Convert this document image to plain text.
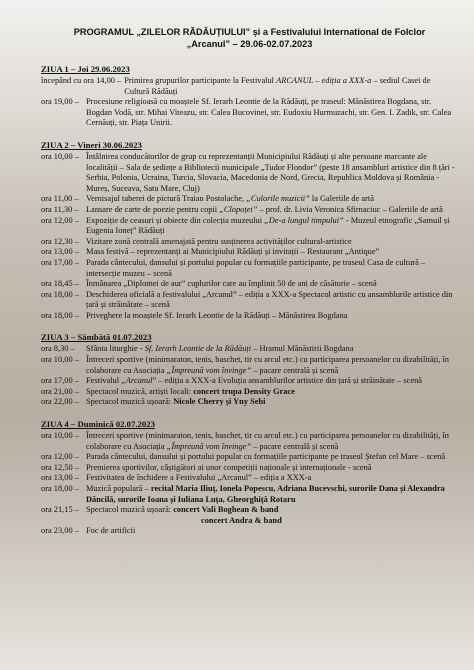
PROGRAMUL „ZILELOR RĂDĂUȚIULUI” și a Festivalului International de Folclor
„Arcanul” – 29.06-02.07.2023
ZIUA 1 – Joi 29.06.2023
începând cu ora 14,00 – Primirea grupurilor participante la Festivalul ARCANUL – ediția a XXX-a – sediul Casei de Cultură Rădăuți
ora 19,00 – Procesiune religioasă cu moaștele Sf. Ierarh Leontie de la Rădăuți, pe traseul: Mănăstirea Bogdana, str. Bogdan Vodă, str. Mihai Viteazu, str. Calea Bucovinei, str. Eudoxiu Hurmuzachi, str. Gen. I. Zadik, str. Calea Cernăuți, str. Piața Unirii.
ZIUA 2 – Vineri 30.06.2023
ora 10,00 – Întâlnirea conducătorilor de grup cu reprezentanții Municipiului Rădăuți și alte persoane marcante ale localității – Sala de ședințe a Bibliotecii municipale „Tudor Flondor” (peste 18 ansambluri artistice din 8 țări - Serbia, Polonia, Ucraina, Turcia, Slovacia, Macedonia de Nord, Grecia, Republica Moldova și România - Mureș, Suceava, Satu Mare, Cluj)
ora 11,00 – Vernisajul taberei de pictură Traian Postolache, „Culorile muzicii” la Galeriile de artă
ora 11,30 – Lansare de carte de poezie pentru copii „Clopoței” – prof. dr. Livia Veronica Sfirnaciuc – Galeriile de artă
ora 12,00 – Expoziție de ceasuri și obiecte din colecția muzeului „De-a lungul timpului” - Muzeul etnografic „Samuil și Eugenia Ioneț” Rădăuți
ora 12,30 – Vizitare zonă centrală amenajată pentru susținerea activităților cultural-artistice
ora 13,00 – Masa festivă – reprezentanți ai Municipiului Rădăuți și invitații – Restaurant „Antique”
ora 17,00 – Parada cântecului, dansului și portului popular cu formațiile participante, pe traseul Casa de cultură – intersecție muzeu – scenă
ora 18,45 – Înmânarea „Diplomei de aur” cuplurilor care au împlinit 50 de ani de căsătorie – scenă
ora 18,00 – Deschiderea oficială a festivalului „Arcanul” – ediția a XXX-a Spectacol artistic cu ansamblurile artistice din țară și străinătate – scenă
ora 18,00 – Priveghere la moaștele Sf. Ierarh Leontie de la Rădăuți – Mănăstirea Bogdana
ZIUA 3 – Sâmbătă 01.07.2023
ora 8,30 –	Sfânta liturghie - Sf. Ierarh Leontie de la Rădăuți – Hramul Mănăstirii Bogdana
ora 10,00 – Întreceri sportive (minimaraton, tenis, baschet, tir cu arcul etc.) cu participarea persoanelor cu dizabilități, în colaborare cu Asociația „Împreună vom învinge” – pacare centrală și scenă
ora 17,00 – Festivalul „Arcanul” – ediția a XXX-a Evoluția ansamblurilor artistice din țară și străinătate – scenă
ora 21,00 – Spectacol muzică, artiști locali: concert trupa Density Grace
ora 22,00 – Spectacol muzică ușoară: Nicole Cherry și Yny Sebi
ZIUA 4 – Duminică 02.07.2023
ora 10,00 – Întreceri sportive (minimaraton, tenis, baschet, tir cu arcul etc.) cu participarea persoanelor cu dizabilități, în colaborare cu Asociația „Împreună vom învinge” – pacare centrală și scenă
ora 12,00 – Parada cântecului, dansului și portului popular cu formațiile participante pe traseul Ștefan cel Mare – scenă
ora 12,50 – Premierea sportivilor, câștigători ai unor competiții naționale și internaționale - scenă
ora 13,00 – Festivitatea de închidere a Festivalului „Arcanul” – ediția a XXX-a
ora 18,00 – Muzică populară – recital Maria Iliuț, Ionela Popescu, Adriana Bucevschi, surorile Dana și Alexandra Dăncilă, surorile Ioana și Iuliana Luța, Gheorghiță Rotaru
ora 21,15 – Spectacol muzică ușoară: concert Vali Boghean & band
concert Andra & band
ora 23,00 – Foc de artificii
